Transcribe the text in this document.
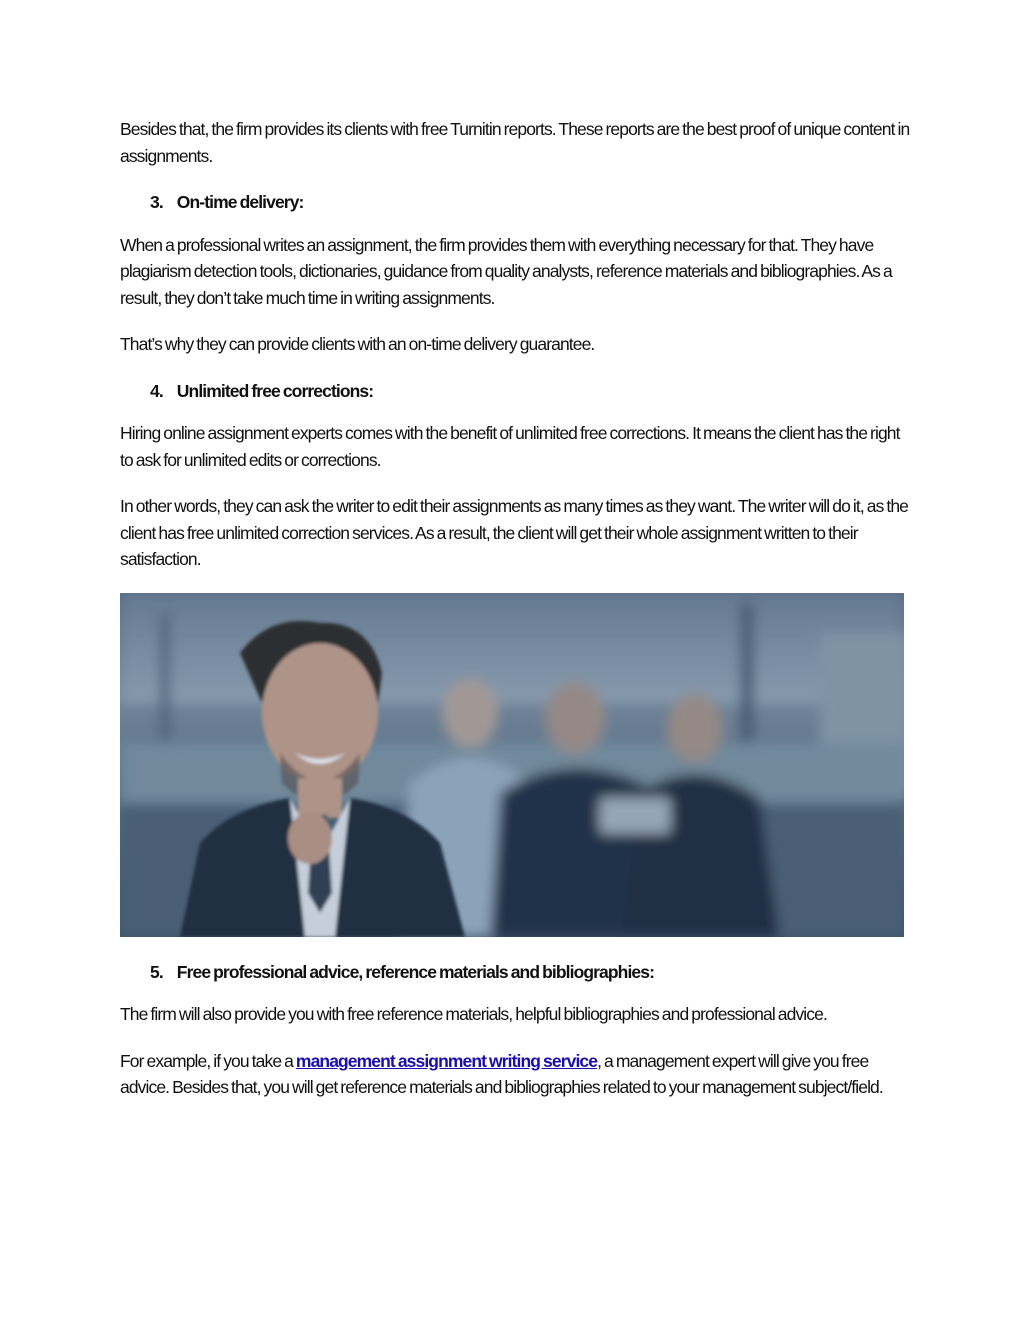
Besides that, the firm provides its clients with free Turnitin reports. These reports are the best proof of unique content in assignments.

3. On-time delivery:

When a professional writes an assignment, the firm provides them with everything necessary for that. They have plagiarism detection tools, dictionaries, guidance from quality analysts, reference materials and bibliographies. As a result, they don’t take much time in writing assignments.

That’s why they can provide clients with an on-time delivery guarantee.

4. Unlimited free corrections:

Hiring online assignment experts comes with the benefit of unlimited free corrections. It means the client has the right to ask for unlimited edits or corrections.

In other words, they can ask the writer to edit their assignments as many times as they want. The writer will do it, as the client has free unlimited correction services. As a result, the client will get their whole assignment written to their satisfaction.

5. Free professional advice, reference materials and bibliographies:

The firm will also provide you with free reference materials, helpful bibliographies and professional advice.

For example, if you take a management assignment writing service, a management expert will give you free advice. Besides that, you will get reference materials and bibliographies related to your management subject/field.
